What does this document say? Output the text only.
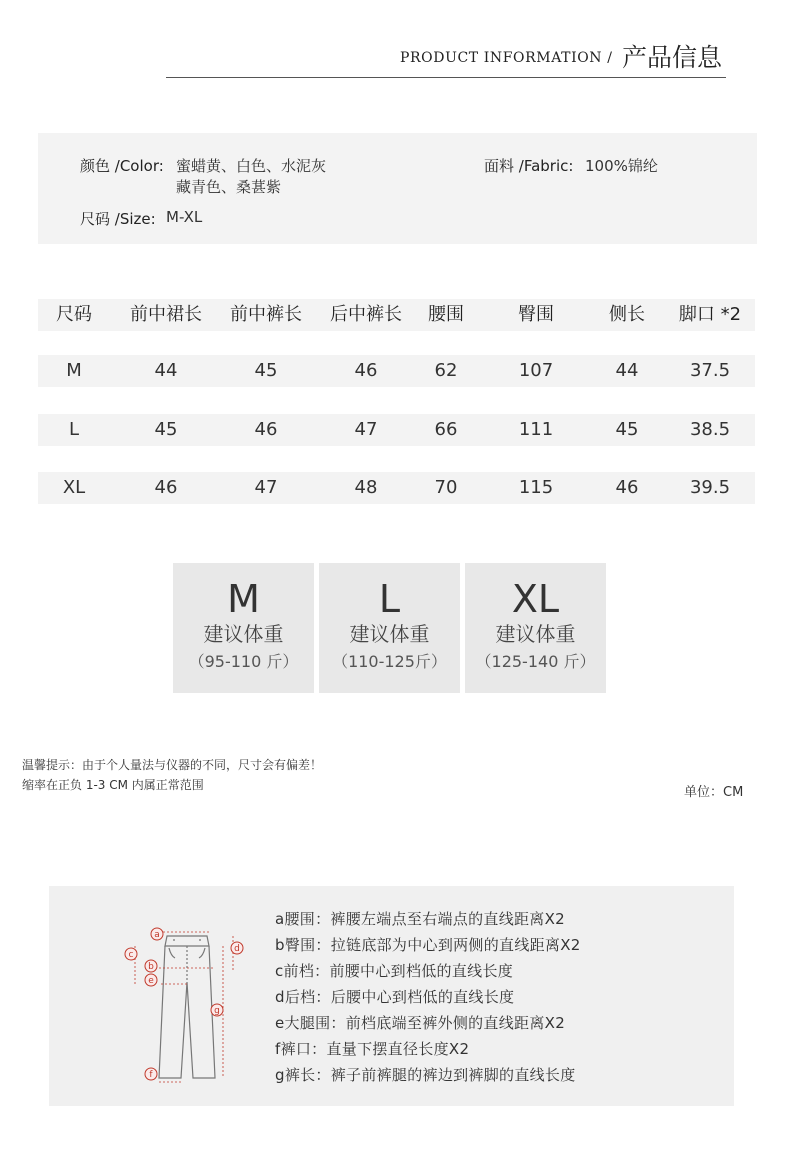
PRODUCT INFORMATION / 产品信息
颜色 /Color: 蜜蜡黄、白色、水泥灰
藏青色、桑葚紫
面料 /Fabric: 100%锦纶
尺码 /Size: M-XL
尺码	前中裙长	前中裤长	后中裤长	腰围	臀围	侧长	脚口 *2
M	44	45	46	62	107	44	37.5
L	45	46	47	66	111	45	38.5
XL	46	47	48	70	115	46	39.5
M
建议体重
（95-110 斤）
L
建议体重
（110-125斤）
XL
建议体重
（125-140 斤）
温馨提示：由于个人量法与仪器的不同，尺寸会有偏差！
缩率在正负 1-3 CM 内属正常范围	单位：CM
a
b
c
d
e
f
g
a腰围：裤腰左端点至右端点的直线距离X2
b臀围：拉链底部为中心到两侧的直线距离X2
c前档：前腰中心到档低的直线长度
d后档：后腰中心到档低的直线长度
e大腿围：前档底端至裤外侧的直线距离X2
f裤口：直量下摆直径长度X2
g裤长：裤子前裤腿的裤边到裤脚的直线长度
